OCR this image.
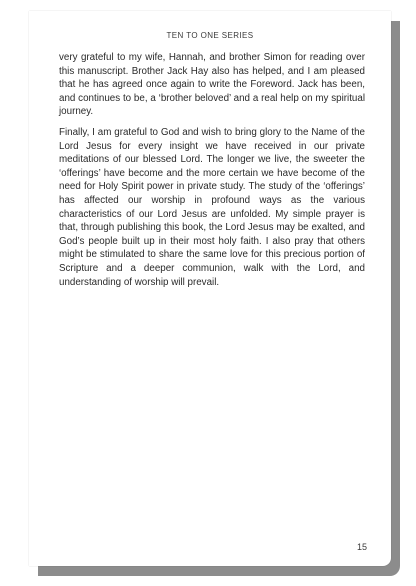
TEN TO ONE SERIES

very grateful to my wife, Hannah, and brother Simon for reading over this manuscript. Brother Jack Hay also has helped, and I am pleased that he has agreed once again to write the Foreword. Jack has been, and continues to be, a ‘brother beloved’ and a real help on my spiritual journey.

Finally, I am grateful to God and wish to bring glory to the Name of the Lord Jesus for every insight we have received in our private meditations of our blessed Lord. The longer we live, the sweeter the ‘offerings’ have become and the more certain we have become of the need for Holy Spirit power in private study. The study of the ‘offerings’ has affected our worship in profound ways as the various characteristics of our Lord Jesus are unfolded. My simple prayer is that, through publishing this book, the Lord Jesus may be exalted, and God’s people built up in their most holy faith. I also pray that others might be stimulated to share the same love for this precious portion of Scripture and a deeper communion, walk with the Lord, and understanding of worship will prevail.

15
